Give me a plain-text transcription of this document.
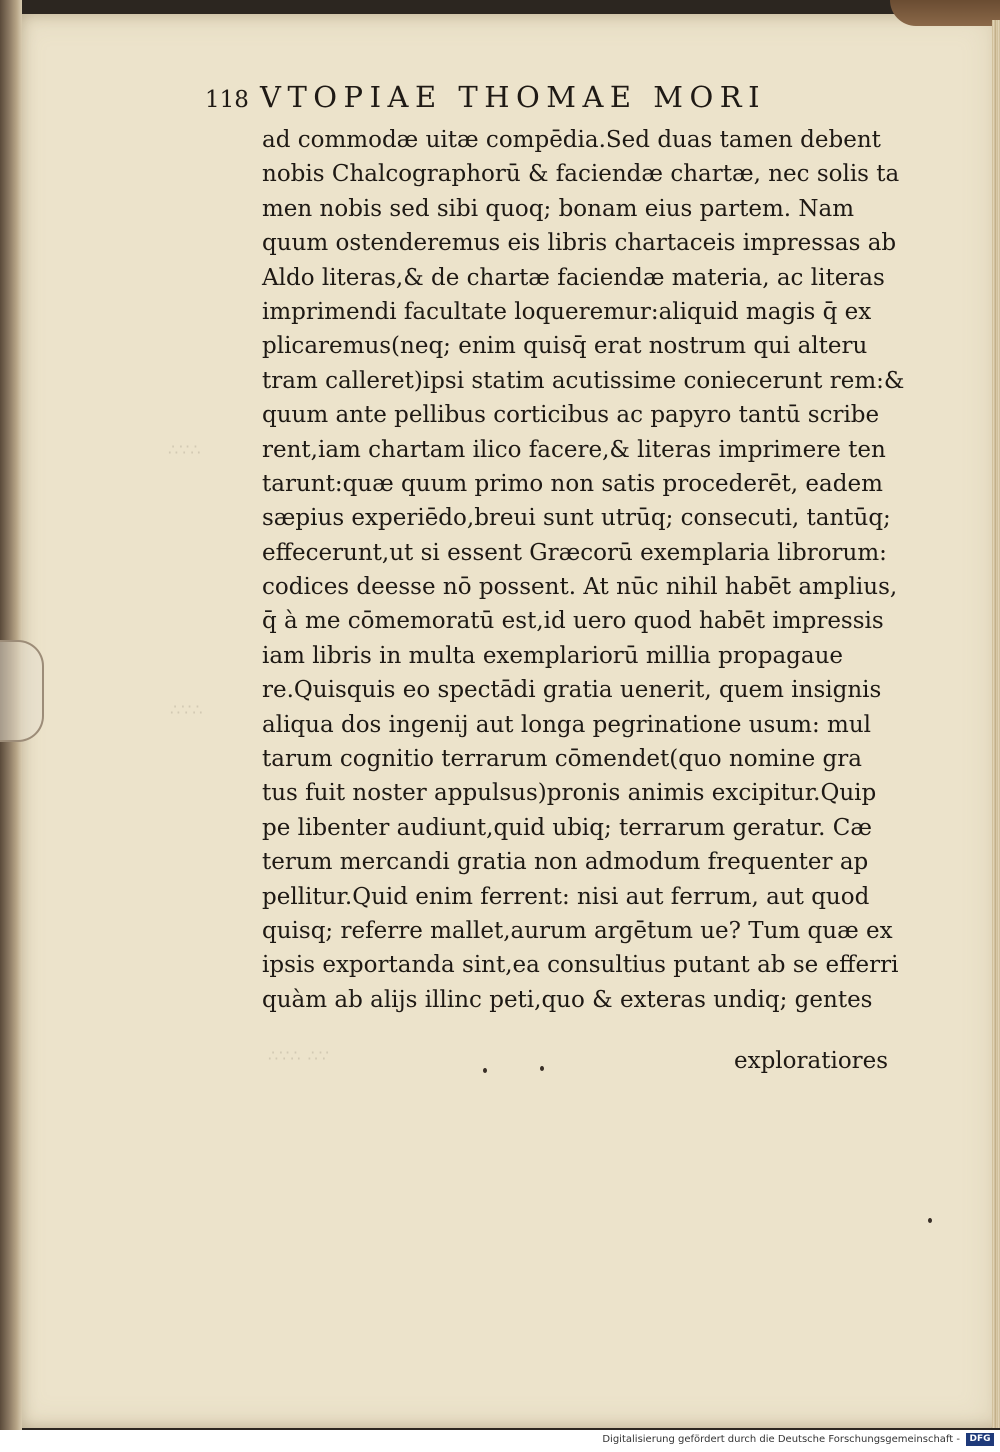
∴∵∴
∴∵∴
∴∵∴ ∴∵
118 VTOPIAE THOMAE MORI
ad commodæ uitæ compēdia.Sed duas tamen debent
nobis Chalcographorū & faciendæ chartæ, nec solis ta
men nobis sed sibi quoq; bonam eius partem. Nam
quum ostenderemus eis libris chartaceis impressas ab
Aldo literas,& de chartæ faciendæ materia, ac literas
imprimendi facultate loqueremur:aliquid magis q̄ ex
plicaremus(neq; enim quisq̄ erat nostrum qui alteru
tram calleret)ipsi statim acutissime coniecerunt rem:&
quum ante pellibus corticibus ac papyro tantū scribe
rent,iam chartam ilico facere,& literas imprimere ten
tarunt:quæ quum primo non satis procederēt, eadem
sæpius experiēdo,breui sunt utrūq; consecuti, tantūq;
effecerunt,ut si essent Græcorū exemplaria librorum:
codices deesse nō possent. At nūc nihil habēt amplius,
q̄ à me cōmemoratū est,id uero quod habēt impressis
iam libris in multa exemplariorū millia propagaue
re.Quisquis eo spectādi gratia uenerit, quem insignis
aliqua dos ingenij aut longa pegrinatione usum: mul
tarum cognitio terrarum cōmendet(quo nomine gra
tus fuit noster appulsus)pronis animis excipitur.Quip
pe libenter audiunt,quid ubiq; terrarum geratur. Cæ
terum mercandi gratia non admodum frequenter ap
pellitur.Quid enim ferrent: nisi aut ferrum, aut quod
quisq; referre mallet,aurum argētum ue? Tum quæ ex
ipsis exportanda sint,ea consultius putant ab se efferri
quàm ab alijs illinc peti,quo & exteras undiq; gentes
exploratiores
Digitalisierung gefördert durch die Deutsche Forschungsgemeinschaft -	DFG
